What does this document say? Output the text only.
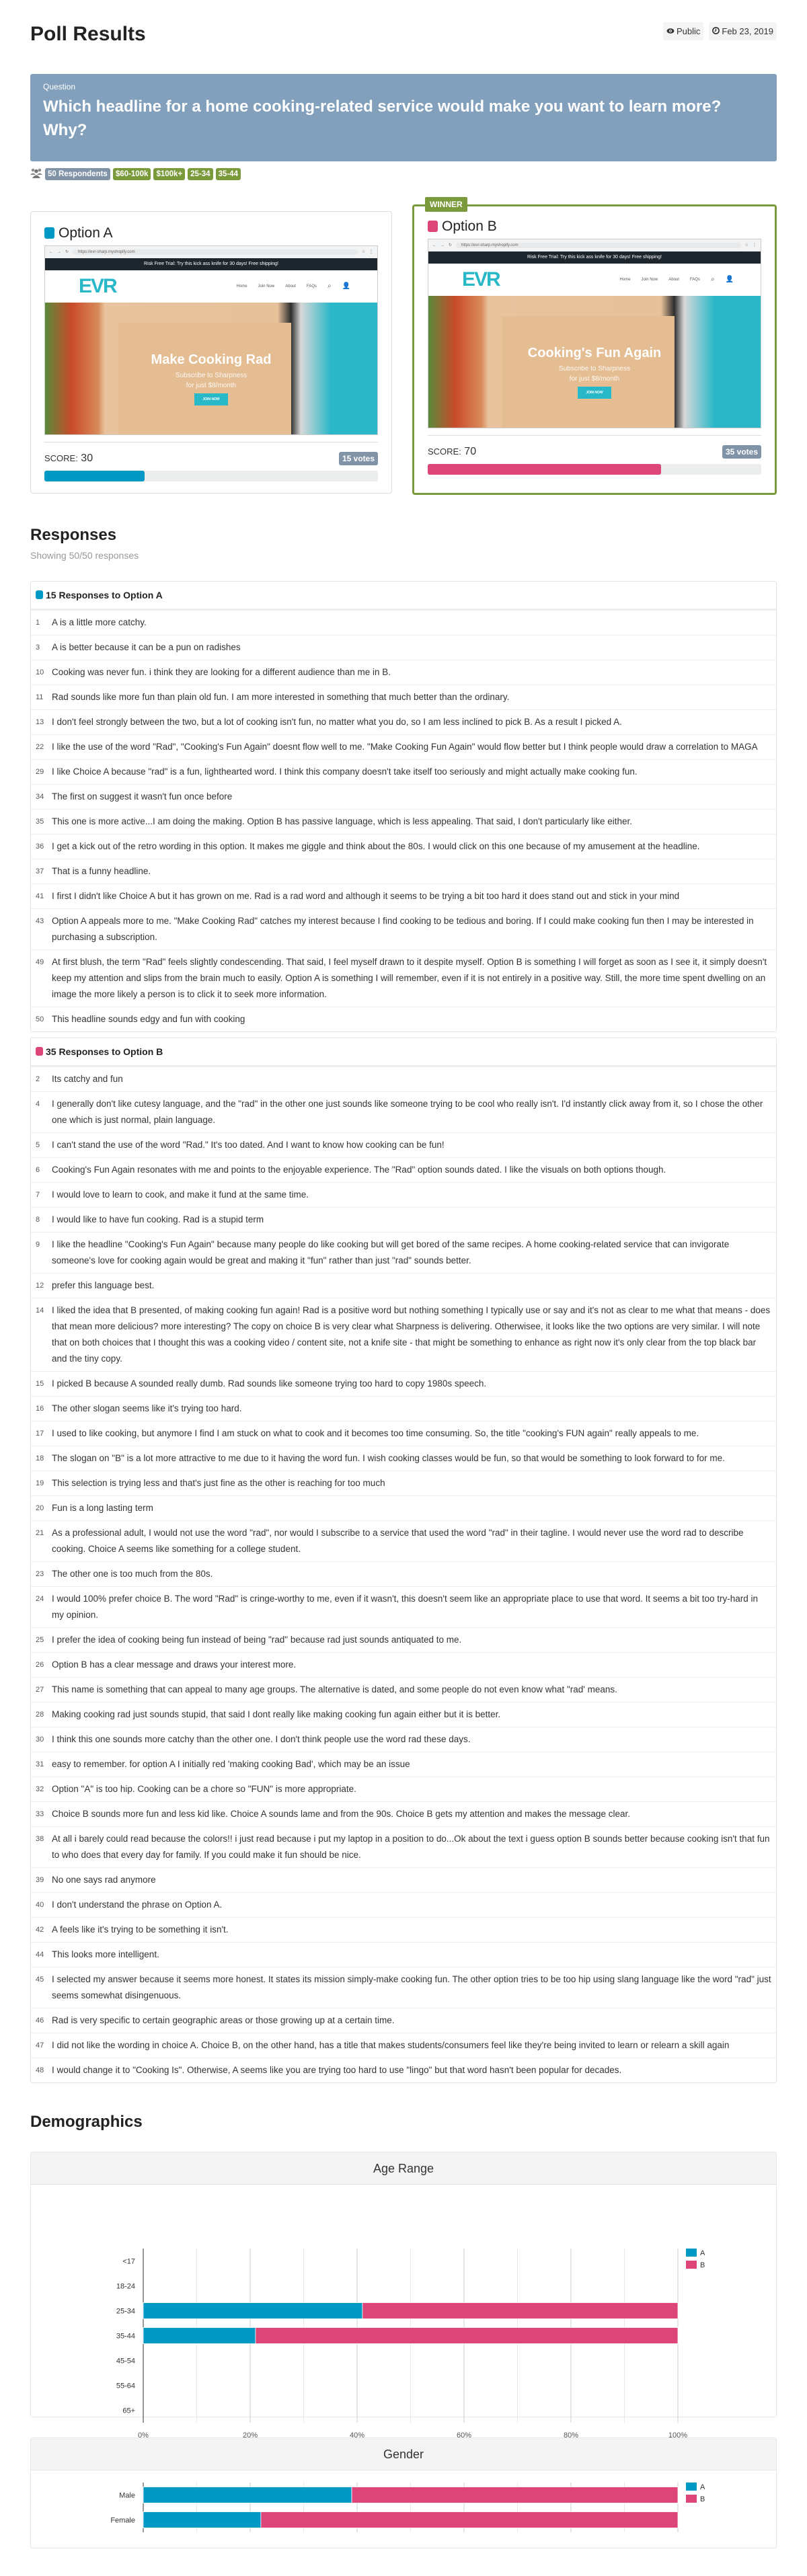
Poll Results	Public Feb 23, 2019
Question
Which headline for a home cooking-related service would make you want to learn more? Why?
50 Respondents	$60-100k	$100k+	25-34	35-44
Option A
← → ↻	https://evr-sharp.myshopify.com	☆ ⋮
Risk Free Trial: Try this kick ass knife for 30 days! Free shipping!
EVR	Home	Join Now	About	FAQs ⌕ 👤
Make Cooking Rad
Subscribe to Sharpness
for just $8/month
JOIN NOW
SCORE: 30	15 votes
WINNER
Option B
← → ↻	https://evr-sharp.myshopify.com	☆ ⋮
Risk Free Trial: Try this kick ass knife for 30 days! Free shipping!
EVR	Home	Join Now	About	FAQs ⌕ 👤
Cooking's Fun Again
Subscribe to Sharpness
for just $8/month
JOIN NOW
SCORE: 70	35 votes
Responses
Showing 50/50 responses
15 Responses to Option A
1	A is a little more catchy.
3	A is better because it can be a pun on radishes
10 Cooking was never fun. i think they are looking for a different audience than me in B.
11 Rad sounds like more fun than plain old fun. I am more interested in something that much better than the ordinary.
13 I don't feel strongly between the two, but a lot of cooking isn't fun, no matter what you do, so I am less inclined to pick B. As a result I picked A.
22 I like the use of the word "Rad", "Cooking's Fun Again" doesnt flow well to me. "Make Cooking Fun Again" would flow better but I think people would draw a correlation to MAGA
29 I like Choice A because "rad" is a fun, lighthearted word. I think this company doesn't take itself too seriously and might actually make cooking fun.
34 The first on suggest it wasn't fun once before
35 This one is more active...I am doing the making. Option B has passive language, which is less appealing. That said, I don't particularly like either.
36 I get a kick out of the retro wording in this option. It makes me giggle and think about the 80s. I would click on this one because of my amusement at the headline.
37 That is a funny headline.
41 I first I didn't like Choice A but it has grown on me. Rad is a rad word and although it seems to be trying a bit too hard it does stand out and stick in your mind
43 Option A appeals more to me. "Make Cooking Rad" catches my interest because I find cooking to be tedious and boring. If I could make cooking fun then I may be interested in purchasing a subscription.
49 At first blush, the term "Rad" feels slightly condescending. That said, I feel myself drawn to it despite myself. Option B is something I will forget as soon as I see it, it simply doesn't keep my attention and slips from the brain much to easily. Option A is something I will remember, even if it is not entirely in a positive way. Still, the more time spent dwelling on an image the more likely a person is to click it to seek more information.
50 This headline sounds edgy and fun with cooking
35 Responses to Option B
2	Its catchy and fun
4	I generally don't like cutesy language, and the "rad" in the other one just sounds like someone trying to be cool who really isn't. I'd instantly click away from it, so I chose the other one which is just normal, plain language.
5	I can't stand the use of the word "Rad." It's too dated. And I want to know how cooking can be fun!
6	Cooking's Fun Again resonates with me and points to the enjoyable experience. The "Rad" option sounds dated. I like the visuals on both options though.
7	I would love to learn to cook, and make it fund at the same time.
8	I would like to have fun cooking. Rad is a stupid term
9	I like the headline "Cooking's Fun Again" because many people do like cooking but will get bored of the same recipes. A home cooking-related service that can invigorate someone's love for cooking again would be great and making it "fun" rather than just "rad" sounds better.
12 prefer this language best.
14 I liked the idea that B presented, of making cooking fun again! Rad is a positive word but nothing something I typically use or say and it's not as clear to me what that means - does that mean more delicious? more interesting? The copy on choice B is very clear what Sharpness is delivering. Otherwisee, it looks like the two options are very similar. I will note that on both choices that I thought this was a cooking video / content site, not a knife site - that might be something to enhance as right now it's only clear from the top black bar and the tiny copy.
15 I picked B because A sounded really dumb. Rad sounds like someone trying too hard to copy 1980s speech.
16 The other slogan seems like it's trying too hard.
17 I used to like cooking, but anymore I find I am stuck on what to cook and it becomes too time consuming. So, the title "cooking's FUN again" really appeals to me.
18 The slogan on "B" is a lot more attractive to me due to it having the word fun. I wish cooking classes would be fun, so that would be something to look forward to for me.
19 This selection is trying less and that's just fine as the other is reaching for too much
20 Fun is a long lasting term
21 As a professional adult, I would not use the word "rad", nor would I subscribe to a service that used the word "rad" in their tagline. I would never use the word rad to describe cooking. Choice A seems like something for a college student.
23 The other one is too much from the 80s.
24 I would 100% prefer choice B. The word "Rad" is cringe-worthy to me, even if it wasn't, this doesn't seem like an appropriate place to use that word. It seems a bit too try-hard in my opinion.
25 I prefer the idea of cooking being fun instead of being "rad" because rad just sounds antiquated to me.
26 Option B has a clear message and draws your interest more.
27 This name is something that can appeal to many age groups. The alternative is dated, and some people do not even know what "rad' means.
28 Making cooking rad just sounds stupid, that said I dont really like making cooking fun again either but it is better.
30 I think this one sounds more catchy than the other one. I don't think people use the word rad these days.
31 easy to remember. for option A I initially red 'making cooking Bad', which may be an issue
32 Option "A" is too hip. Cooking can be a chore so "FUN" is more appropriate.
33 Choice B sounds more fun and less kid like. Choice A sounds lame and from the 90s. Choice B gets my attention and makes the message clear.
38 At all i barely could read because the colors!! i just read because i put my laptop in a position to do...Ok about the text i guess option B sounds better because cooking isn't that fun to who does that every day for family. If you could make it fun should be nice.
39 No one says rad anymore
40 I don't understand the phrase on Option A.
42 A feels like it's trying to be something it isn't.
44 This looks more intelligent.
45 I selected my answer because it seems more honest. It states its mission simply-make cooking fun. The other option tries to be too hip using slang language like the word "rad" just seems somewhat disingenuous.
46 Rad is very specific to certain geographic areas or those growing up at a certain time.
47 I did not like the wording in choice A. Choice B, on the other hand, has a title that makes students/consumers feel like they're being invited to learn or relearn a skill again
48 I would change it to "Cooking Is". Otherwise, A seems like you are trying too hard to use "lingo" but that word hasn't been popular for decades.
Demographics
Age Range
<17
18-24
25-34
35-44
45-54
55-64
65+
0%	20%	40%	60%	80%	100%
A
B
Gender
Male
Female
A
B
